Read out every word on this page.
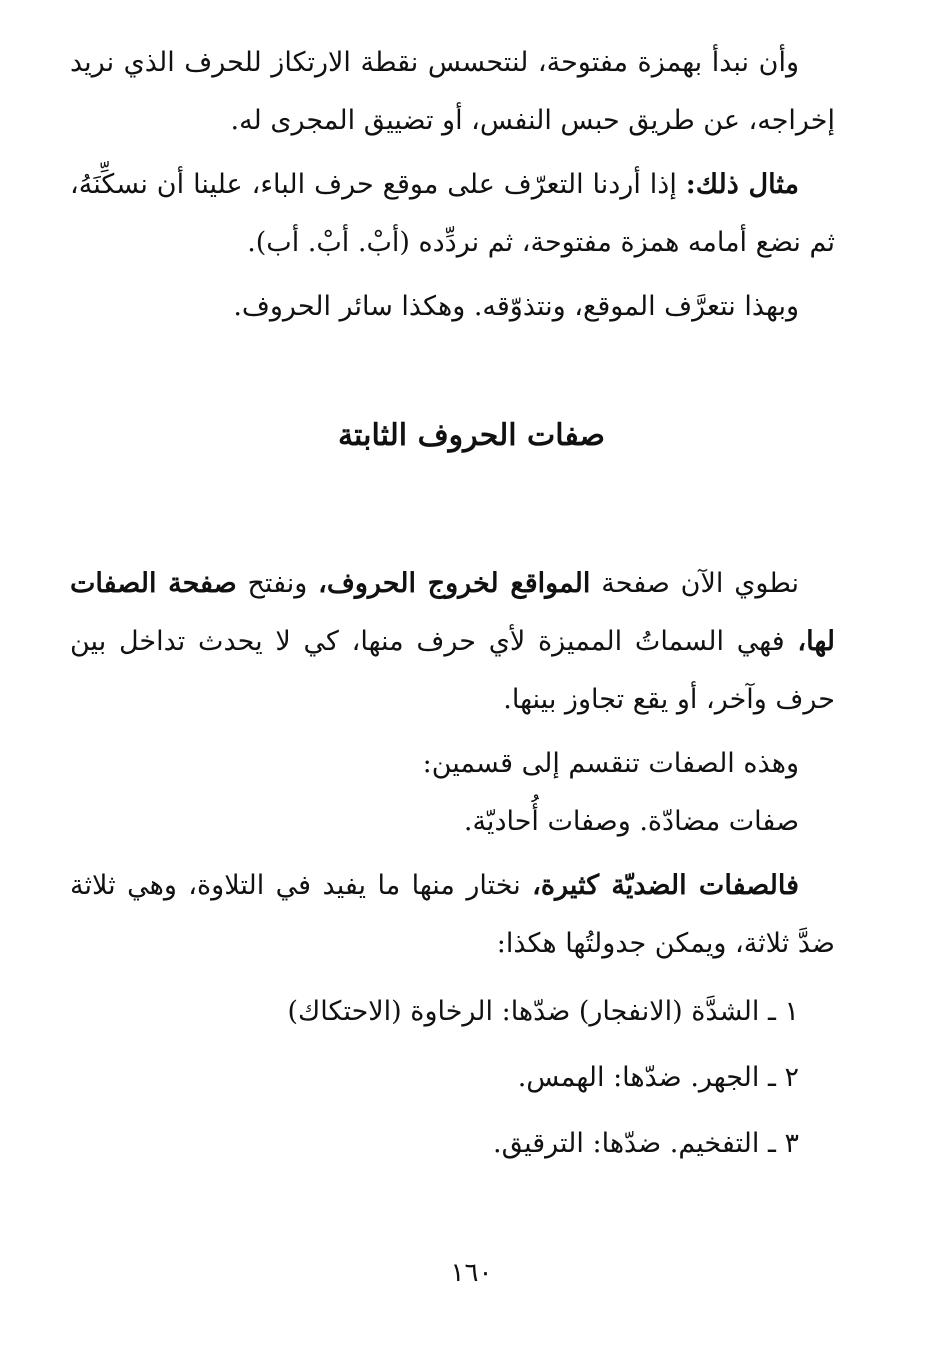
وأن نبدأ بهمزة مفتوحة، لنتحسس نقطة الارتكاز للحرف الذي نريد إخراجه، عن طريق حبس النفس، أو تضييق المجرى له.

مثال ذلك: إذا أردنا التعرّف على موقع حرف الباء، علينا أن نسكِّنَهُ، ثم نضع أمامه همزة مفتوحة، ثم نردِّده (أبْ. أبْ. أب).

وبهذا نتعرَّف الموقع، ونتذوّقه. وهكذا سائر الحروف.

صفات الحروف الثابتة

نطوي الآن صفحة المواقع لخروج الحروف، ونفتح صفحة الصفات لها، فهي السماتُ المميزة لأي حرف منها، كي لا يحدث تداخل بين حرف وآخر، أو يقع تجاوز بينها.

وهذه الصفات تنقسم إلى قسمين:

صفات مضادّة. وصفات أُحاديّة.

فالصفات الضديّة كثيرة، نختار منها ما يفيد في التلاوة، وهي ثلاثة ضدَّ ثلاثة، ويمكن جدولتُها هكذا:

١ ـ الشدَّة (الانفجار) ضدّها: الرخاوة (الاحتكاك)

٢ ـ الجهر. ضدّها: الهمس.

٣ ـ التفخيم. ضدّها: الترقيق.

١٦٠
